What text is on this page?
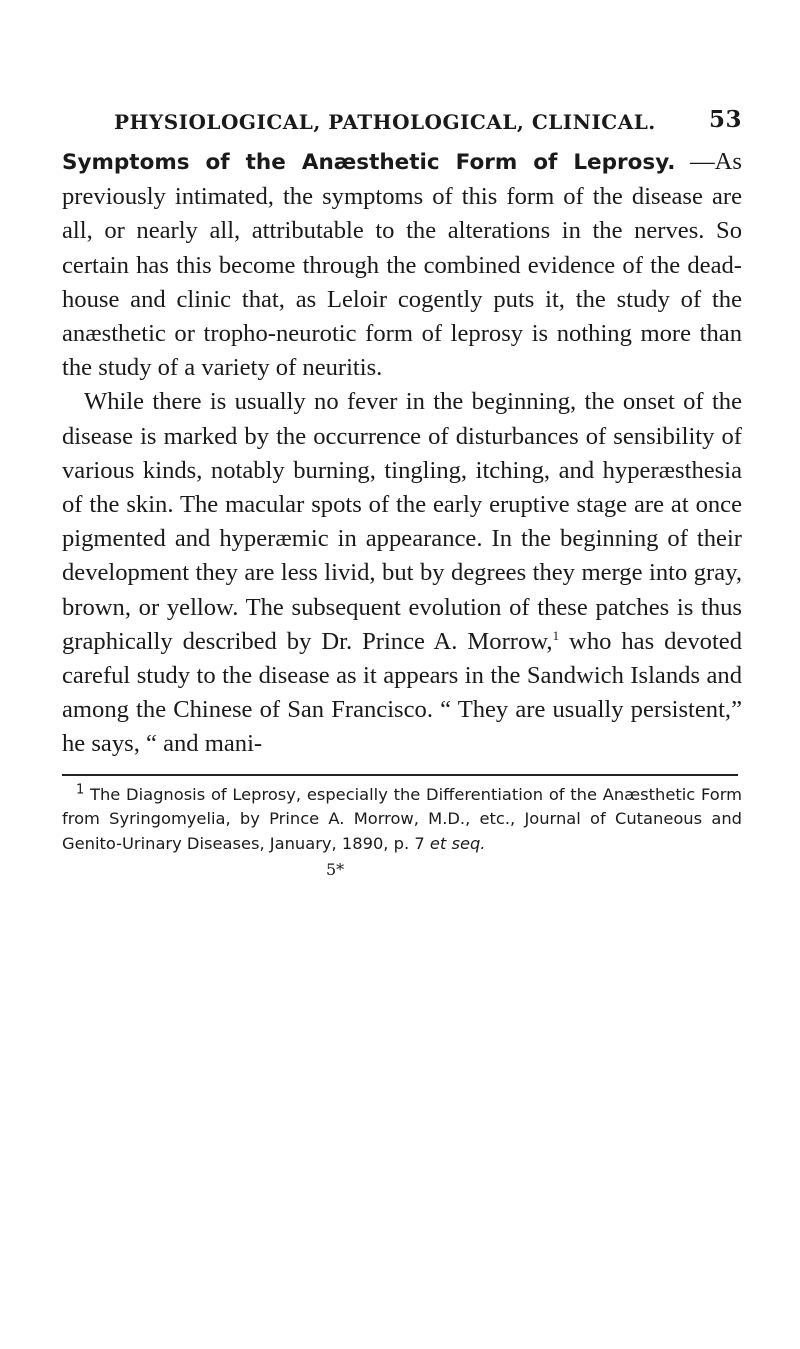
PHYSIOLOGICAL, PATHOLOGICAL, CLINICAL. 53

Symptoms of the Anæsthetic Form of Leprosy. —As previously intimated, the symptoms of this form of the disease are all, or nearly all, attributable to the alterations in the nerves. So certain has this become through the combined evidence of the dead-house and clinic that, as Leloir cogently puts it, the study of the anæsthetic or tropho-neurotic form of leprosy is nothing more than the study of a variety of neuritis.

While there is usually no fever in the beginning, the onset of the disease is marked by the occurrence of disturbances of sensibility of various kinds, notably burning, tingling, itching, and hyperæsthesia of the skin. The macular spots of the early eruptive stage are at once pigmented and hyperæmic in appearance. In the beginning of their development they are less livid, but by degrees they merge into gray, brown, or yellow. The subsequent evolution of these patches is thus graphically described by Dr. Prince A. Morrow,$^1$ who has devoted careful study to the disease as it appears in the Sandwich Islands and among the Chinese of San Francisco. “ They are usually persistent,” he says, “ and mani-

$^1$ The Diagnosis of Leprosy, especially the Differentiation of the Anæsthetic Form from Syringomyelia, by Prince A. Morrow, M.D., etc., Journal of Cutaneous and Genito-Urinary Diseases, January, 1890, p. 7 et seq.

5*
